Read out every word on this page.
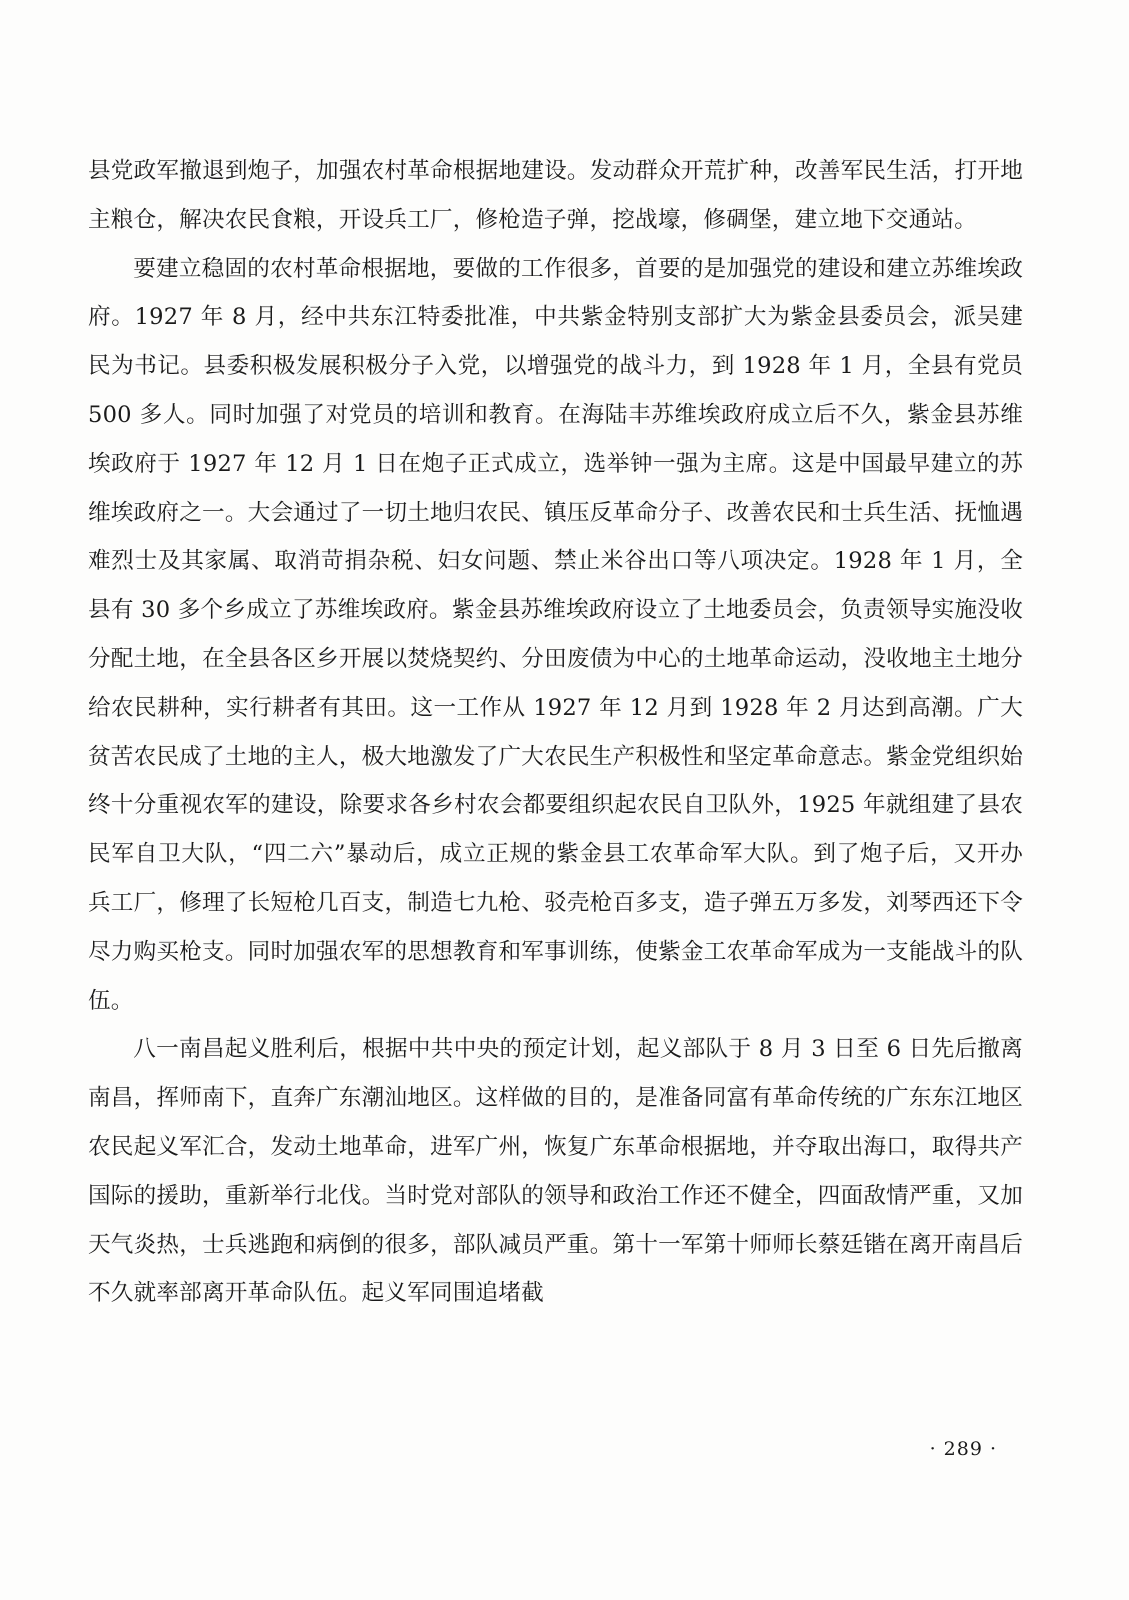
县党政军撤退到炮子，加强农村革命根据地建设。发动群众开荒扩种，改善军民生活，打开地主粮仓，解决农民食粮，开设兵工厂，修枪造子弹，挖战壕，修碉堡，建立地下交通站。

要建立稳固的农村革命根据地，要做的工作很多，首要的是加强党的建设和建立苏维埃政府。1927 年 8 月，经中共东江特委批准，中共紫金特别支部扩大为紫金县委员会，派吴建民为书记。县委积极发展积极分子入党，以增强党的战斗力，到 1928 年 1 月，全县有党员 500 多人。同时加强了对党员的培训和教育。在海陆丰苏维埃政府成立后不久，紫金县苏维埃政府于 1927 年 12 月 1 日在炮子正式成立，选举钟一强为主席。这是中国最早建立的苏维埃政府之一。大会通过了一切土地归农民、镇压反革命分子、改善农民和士兵生活、抚恤遇难烈士及其家属、取消苛捐杂税、妇女问题、禁止米谷出口等八项决定。1928 年 1 月，全县有 30 多个乡成立了苏维埃政府。紫金县苏维埃政府设立了土地委员会，负责领导实施没收分配土地，在全县各区乡开展以焚烧契约、分田废债为中心的土地革命运动，没收地主土地分给农民耕种，实行耕者有其田。这一工作从 1927 年 12 月到 1928 年 2 月达到高潮。广大贫苦农民成了土地的主人，极大地激发了广大农民生产积极性和坚定革命意志。紫金党组织始终十分重视农军的建设，除要求各乡村农会都要组织起农民自卫队外，1925 年就组建了县农民军自卫大队，“四二六”暴动后，成立正规的紫金县工农革命军大队。到了炮子后，又开办兵工厂，修理了长短枪几百支，制造七九枪、驳壳枪百多支，造子弹五万多发，刘琴西还下令尽力购买枪支。同时加强农军的思想教育和军事训练，使紫金工农革命军成为一支能战斗的队伍。

八一南昌起义胜利后，根据中共中央的预定计划，起义部队于 8 月 3 日至 6 日先后撤离南昌，挥师南下，直奔广东潮汕地区。这样做的目的，是准备同富有革命传统的广东东江地区农民起义军汇合，发动土地革命，进军广州，恢复广东革命根据地，并夺取出海口，取得共产国际的援助，重新举行北伐。当时党对部队的领导和政治工作还不健全，四面敌情严重，又加天气炎热，士兵逃跑和病倒的很多，部队减员严重。第十一军第十师师长蔡廷锴在离开南昌后不久就率部离开革命队伍。起义军同围追堵截

· 289 ·
